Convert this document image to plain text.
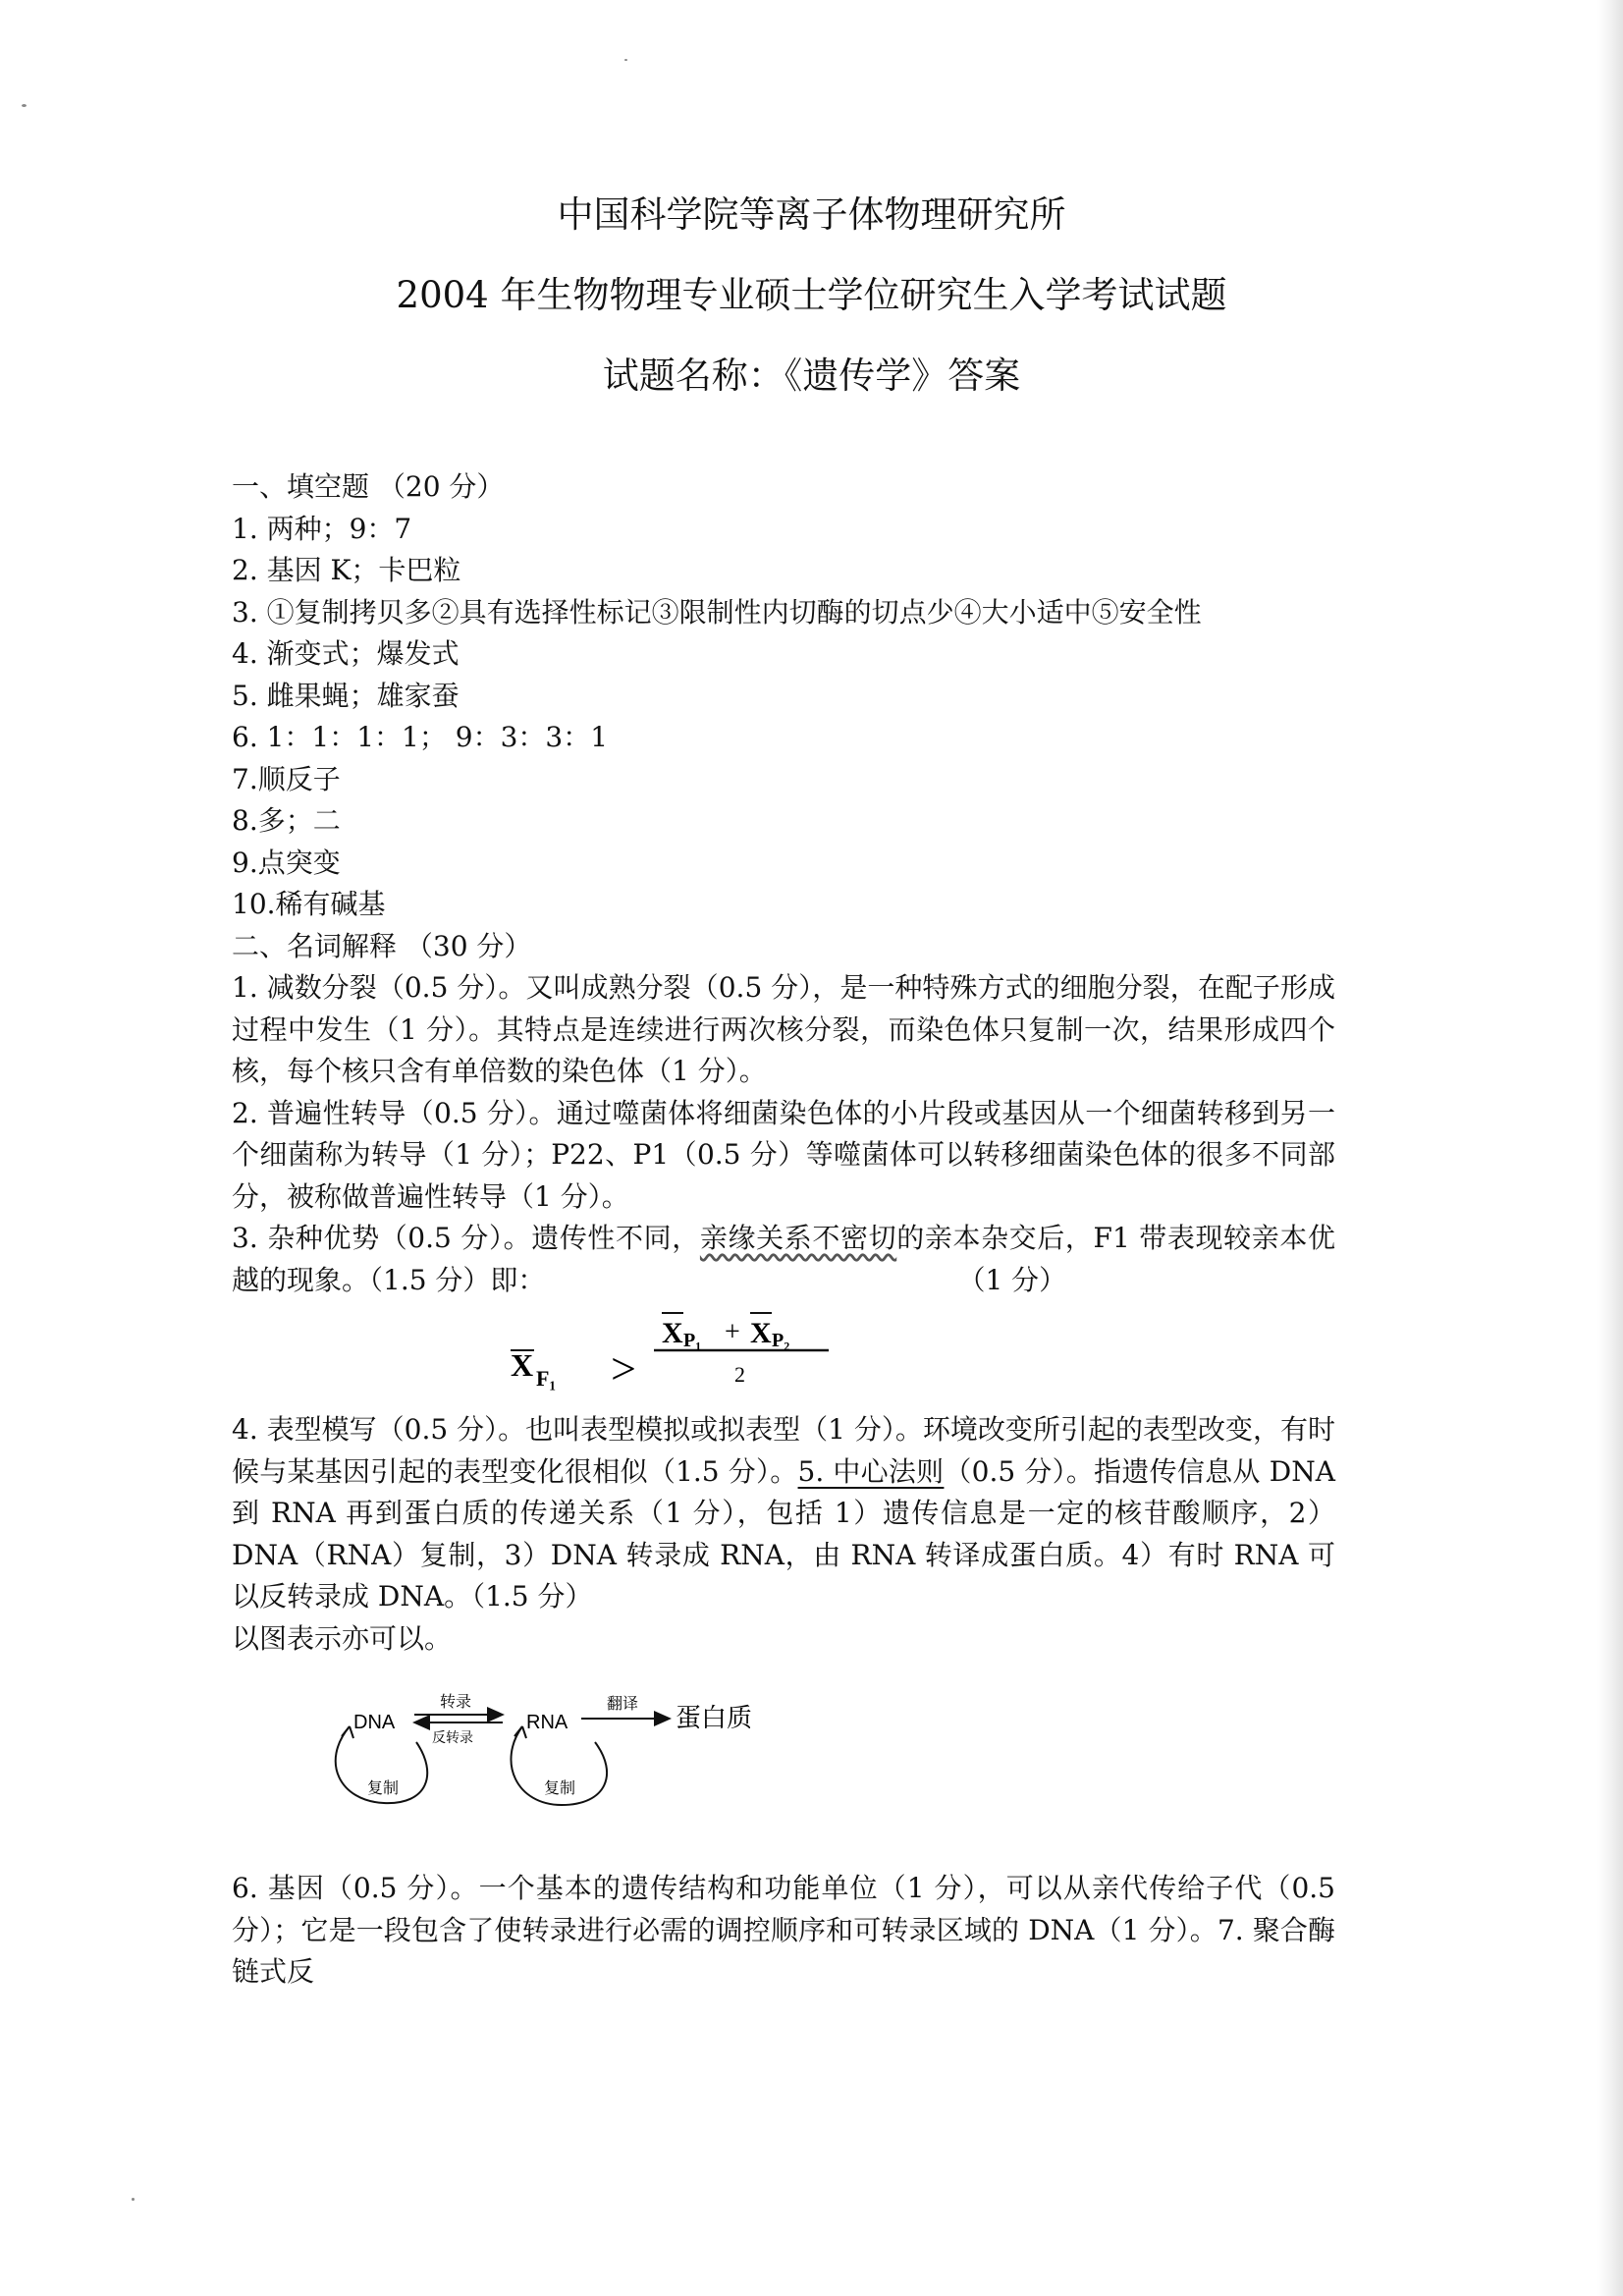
中国科学院等离子体物理研究所
2004 年生物物理专业硕士学位研究生入学考试试题
试题名称：《遗传学》答案
一、填空题 （20 分）
1. 两种；9：7
2. 基因 K；卡巴粒
3. ①复制拷贝多②具有选择性标记③限制性内切酶的切点少④大小适中⑤安全性
4. 渐变式；爆发式
5. 雌果蝇；雄家蚕
6. 1：1：1：1； 9：3：3：1
7.顺反子
8.多；二
9.点突变
10.稀有碱基
二、名词解释 （30 分）
1. 减数分裂（0.5 分）。又叫成熟分裂（0.5 分），是一种特殊方式的细胞分裂，在配子形成过程中发生（1 分）。其特点是连续进行两次核分裂，而染色体只复制一次，结果形成四个核，每个核只含有单倍数的染色体（1 分）。
2. 普遍性转导（0.5 分）。通过噬菌体将细菌染色体的小片段或基因从一个细菌转移到另一个细菌称为转导（1 分）；P22、P1（0.5 分）等噬菌体可以转移细菌染色体的很多不同部分，被称做普遍性转导（1 分）。
3. 杂种优势（0.5 分）。遗传性不同，亲缘关系不密切的亲本杂交后，F1 带表现较亲本优越的现象。（1.5 分）即：	（1 分）
X F₁ >
X P₁ + X P₂
2
4. 表型模写（0.5 分）。也叫表型模拟或拟表型（1 分）。环境改变所引起的表型改变，有时候与某基因引起的表型变化很相似（1.5 分）。5. 中心法则（0.5 分）。指遗传信息从 DNA 到 RNA 再到蛋白质的传递关系（1 分），包括 1）遗传信息是一定的核苷酸顺序，2）DNA（RNA）复制，3）DNA 转录成 RNA，由 RNA 转译成蛋白质。4）有时 RNA 可以反转录成 DNA。（1.5 分）
以图表示亦可以。
DNA
复制
转录
反转录
RNA
复制
翻译
蛋白质
6. 基因（0.5 分）。一个基本的遗传结构和功能单位（1 分），可以从亲代传给子代（0.5 分）；它是一段包含了使转录进行必需的调控顺序和可转录区域的 DNA（1 分）。7. 聚合酶链式反
